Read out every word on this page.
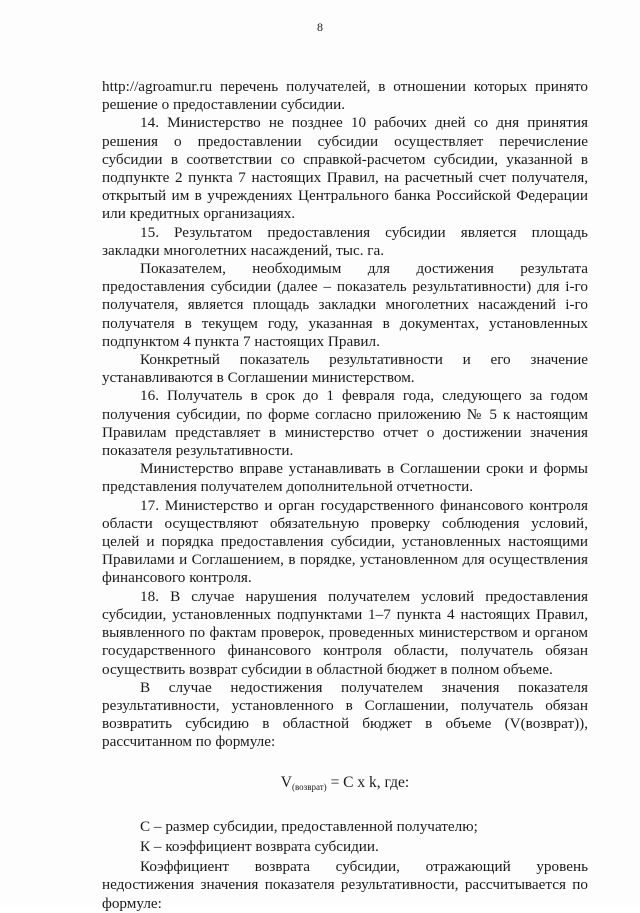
8

http://agroamur.ru перечень получателей, в отношении которых принято решение о предоставлении субсидии.

14. Министерство не позднее 10 рабочих дней со дня принятия решения о предоставлении субсидии осуществляет перечисление субсидии в соответствии со справкой-расчетом субсидии, указанной в подпункте 2 пункта 7 настоящих Правил, на расчетный счет получателя, открытый им в учреждениях Центрального банка Российской Федерации или кредитных организациях.

15. Результатом предоставления субсидии является площадь закладки многолетних насаждений, тыс. га.

Показателем, необходимым для достижения результата предоставления субсидии (далее – показатель результативности) для i-го получателя, является площадь закладки многолетних насаждений i-го получателя в текущем году, указанная в документах, установленных подпунктом 4 пункта 7 настоящих Правил.

Конкретный показатель результативности и его значение устанавливаются в Соглашении министерством.

16. Получатель в срок до 1 февраля года, следующего за годом получения субсидии, по форме согласно приложению № 5 к настоящим Правилам представляет в министерство отчет о достижении значения показателя результативности.

Министерство вправе устанавливать в Соглашении сроки и формы представления получателем дополнительной отчетности.

17. Министерство и орган государственного финансового контроля области осуществляют обязательную проверку соблюдения условий, целей и порядка предоставления субсидии, установленных настоящими Правилами и Соглашением, в порядке, установленном для осуществления финансового контроля.

18. В случае нарушения получателем условий предоставления субсидии, установленных подпунктами 1–7 пункта 4 настоящих Правил, выявленного по фактам проверок, проведенных министерством и органом государственного финансового контроля области, получатель обязан осуществить возврат субсидии в областной бюджет в полном объеме.

В случае недостижения получателем значения показателя результативности, установленного в Соглашении, получатель обязан возвратить субсидию в областной бюджет в объеме (V(возврат)), рассчитанном по формуле:

$V_{(возврат)} = C$ x k, где:

С – размер субсидии, предоставленной получателю;

К – коэффициент возврата субсидии.

Коэффициент возврата субсидии, отражающий уровень недостижения значения показателя результативности, рассчитывается по формуле:
